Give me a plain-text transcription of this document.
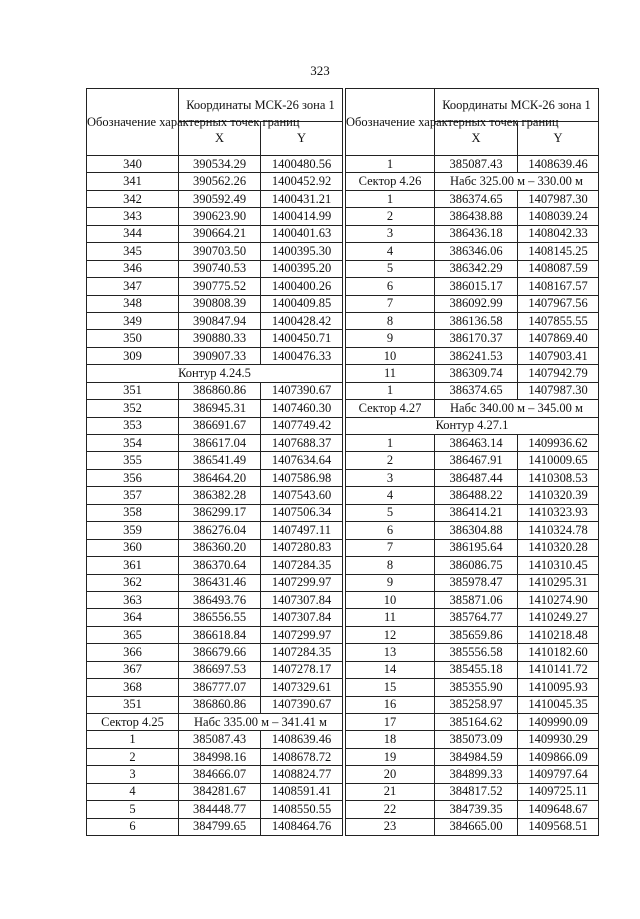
323
Обозначение характерных точек границ	Координаты МСК-26 зона 1	
	X	Y
340	390534.29	1400480.56
341	390562.26	1400452.92
342	390592.49	1400431.21
343	390623.90	1400414.99
344	390664.21	1400401.63
345	390703.50	1400395.30
346	390740.53	1400395.20
347	390775.52	1400400.26
348	390808.39	1400409.85
349	390847.94	1400428.42
350	390880.33	1400450.71
309	390907.33	1400476.33
Контур 4.24.5		
351	386860.86	1407390.67
352	386945.31	1407460.30
353	386691.67	1407749.42
354	386617.04	1407688.37
355	386541.49	1407634.64
356	386464.20	1407586.98
357	386382.28	1407543.60
358	386299.17	1407506.34
359	386276.04	1407497.11
360	386360.20	1407280.83
361	386370.64	1407284.35
362	386431.46	1407299.97
363	386493.76	1407307.84
364	386556.55	1407307.84
365	386618.84	1407299.97
366	386679.66	1407284.35
367	386697.53	1407278.17
368	386777.07	1407329.61
351	386860.86	1407390.67
Сектор 4.25	Набс 335.00 м – 341.41 м	
1	385087.43	1408639.46
2	384998.16	1408678.72
3	384666.07	1408824.77
4	384281.67	1408591.41
5	384448.77	1408550.55
6	384799.65	1408464.76
Обозначение характерных точек границ	Координаты МСК-26 зона 1	
	X	Y
1	385087.43	1408639.46
Сектор 4.26	Набс 325.00 м – 330.00 м	
1	386374.65	1407987.30
2	386438.88	1408039.24
3	386436.18	1408042.33
4	386346.06	1408145.25
5	386342.29	1408087.59
6	386015.17	1408167.57
7	386092.99	1407967.56
8	386136.58	1407855.55
9	386170.37	1407869.40
10	386241.53	1407903.41
11	386309.74	1407942.79
1	386374.65	1407987.30
Сектор 4.27	Набс 340.00 м – 345.00 м	
Контур 4.27.1		
1	386463.14	1409936.62
2	386467.91	1410009.65
3	386487.44	1410308.53
4	386488.22	1410320.39
5	386414.21	1410323.93
6	386304.88	1410324.78
7	386195.64	1410320.28
8	386086.75	1410310.45
9	385978.47	1410295.31
10	385871.06	1410274.90
11	385764.77	1410249.27
12	385659.86	1410218.48
13	385556.58	1410182.60
14	385455.18	1410141.72
15	385355.90	1410095.93
16	385258.97	1410045.35
17	385164.62	1409990.09
18	385073.09	1409930.29
19	384984.59	1409866.09
20	384899.33	1409797.64
21	384817.52	1409725.11
22	384739.35	1409648.67
23	384665.00	1409568.51
